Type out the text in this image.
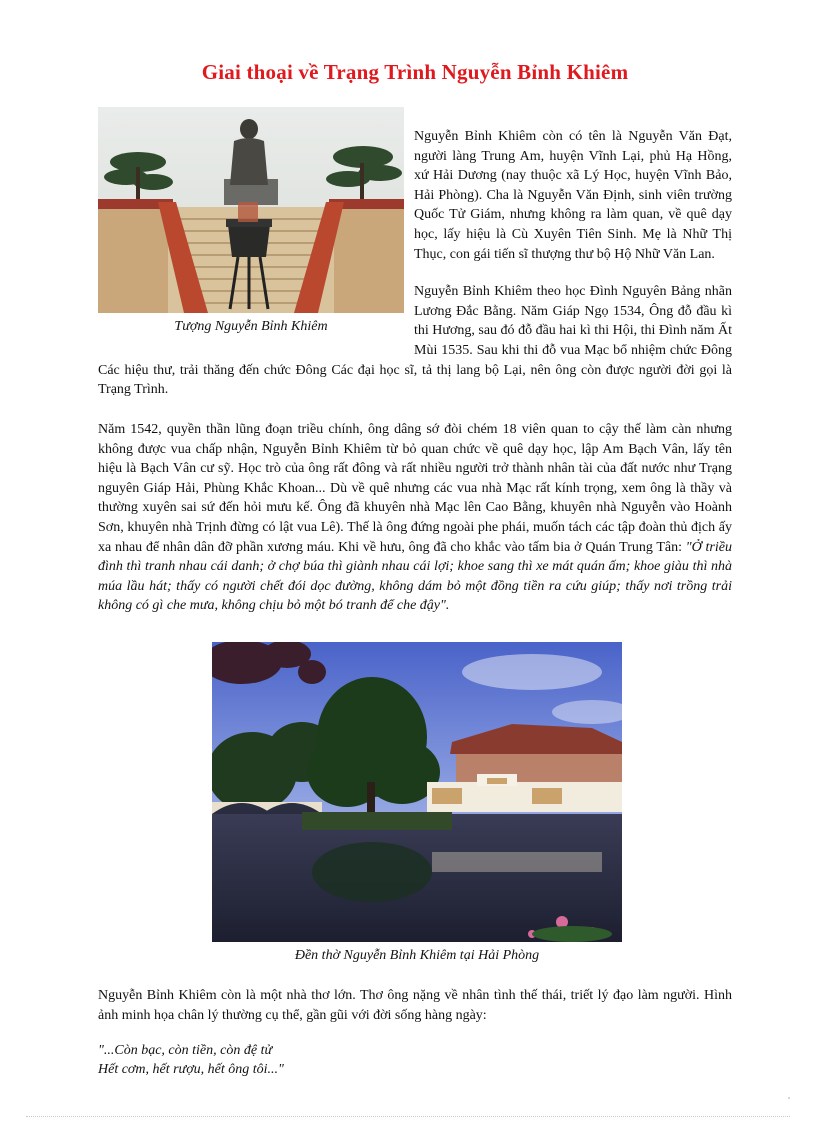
Giai thoại về Trạng Trình Nguyễn Bỉnh Khiêm
Tượng Nguyễn Bỉnh Khiêm

Nguyễn Bỉnh Khiêm còn có tên là Nguyễn Văn Đạt, người làng Trung Am, huyện Vĩnh Lại, phủ Hạ Hồng, xứ Hải Dương (nay thuộc xã Lý Học, huyện Vĩnh Bảo, Hải Phòng). Cha là Nguyễn Văn Định, sinh viên trường Quốc Tử Giám, nhưng không ra làm quan, về quê dạy học, lấy hiệu là Cù Xuyên Tiên Sinh. Mẹ là Nhữ Thị Thục, con gái tiến sĩ thượng thư bộ Hộ Nhữ Văn Lan.

Nguyễn Bỉnh Khiêm theo học Đình Nguyên Bảng nhãn Lương Đắc Bằng. Năm Giáp Ngọ 1534, Ông đỗ đầu kì thi Hương, sau đó đỗ đầu hai kì thi Hội, thi Đình năm Ất Mùi 1535. Sau khi thi đỗ vua Mạc bổ nhiệm chức Đông Các hiệu thư, trải thăng đến chức Đông Các đại học sĩ, tả thị lang bộ Lại, nên ông còn được người đời gọi là Trạng Trình.

Năm 1542, quyền thần lũng đoạn triều chính, ông dâng sớ đòi chém 18 viên quan to cậy thế làm càn nhưng không được vua chấp nhận, Nguyễn Bỉnh Khiêm từ bỏ quan chức về quê dạy học, lập Am Bạch Vân, lấy tên hiệu là Bạch Vân cư sỹ. Học trò của ông rất đông và rất nhiều người trở thành nhân tài của đất nước như Trạng nguyên Giáp Hải, Phùng Khắc Khoan... Dù về quê nhưng các vua nhà Mạc rất kính trọng, xem ông là thầy và thường xuyên sai sứ đến hỏi mưu kế. Ông đã khuyên nhà Mạc lên Cao Bằng, khuyên nhà Nguyễn vào Hoành Sơn, khuyên nhà Trịnh đừng có lật vua Lê). Thế là ông đứng ngoài phe phái, muốn tách các tập đoàn thủ địch ấy xa nhau để nhân dân đỡ phần xương máu. Khi về hưu, ông đã cho khắc vào tấm bia ở Quán Trung Tân: "Ở triều đình thì tranh nhau cái danh; ở chợ búa thì giành nhau cái lợi; khoe sang thì xe mát quán ấm; khoe giàu thì nhà múa lầu hát; thấy có người chết đói dọc đường, không dám bỏ một đồng tiền ra cứu giúp; thấy nơi trồng trải không có gì che mưa, không chịu bỏ một bó tranh để che đậy".

Đền thờ Nguyễn Bỉnh Khiêm tại Hải Phòng

Nguyễn Bỉnh Khiêm còn là một nhà thơ lớn. Thơ ông nặng về nhân tình thế thái, triết lý đạo làm người. Hình ảnh minh họa chân lý thường cụ thể, gần gũi với đời sống hàng ngày:

"...Còn bạc, còn tiền, còn đệ tử
Hết cơm, hết rượu, hết ông tôi..."
